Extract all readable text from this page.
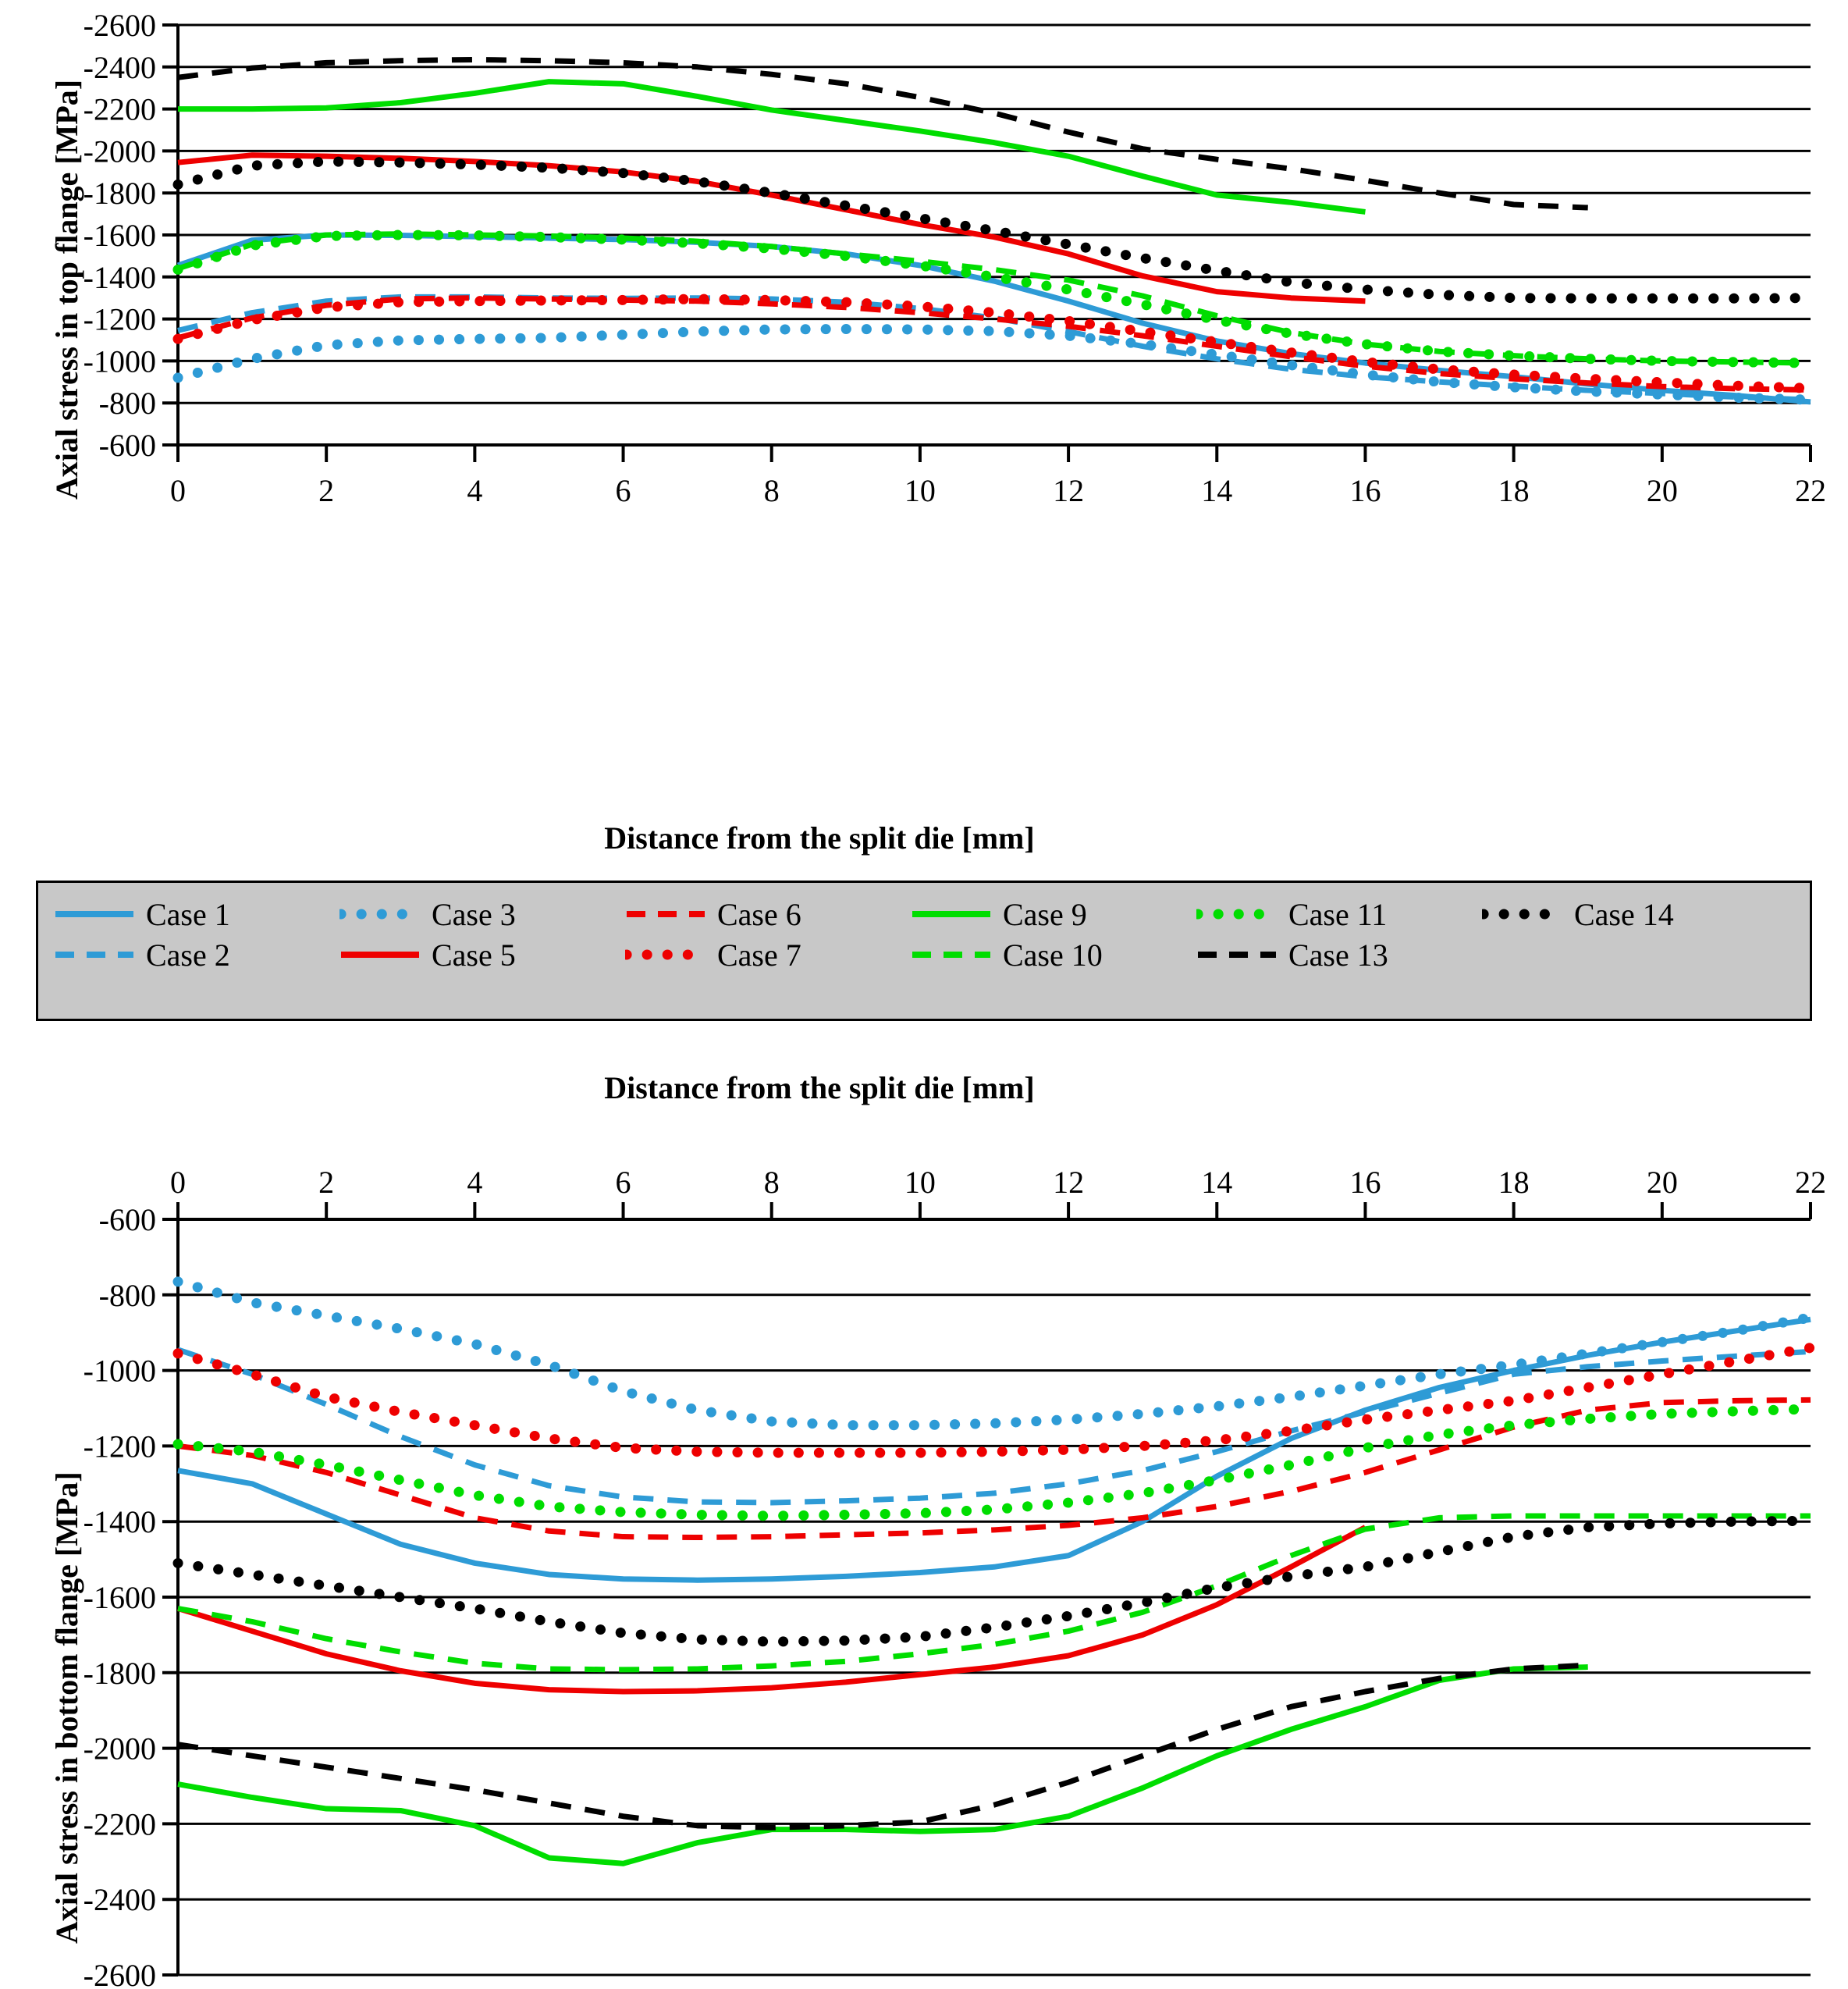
-2600
-2400
-2200
-2000
-1800
-1600
-1400
-1200
-1000
-800
-600
0	2	4	6	8	10	12	14	16	18	20	22
Axial stress in top flange [MPa]
Distance from the split die [mm]
Case 1	Case 3	Case 6	Case 9	Case 11	Case 14
Case 2	Case 5	Case 7	Case 10	Case 13
Distance from the split die [mm]
-600
-800
-1000
-1200
-1400
-1600
-1800
-2000
-2200
-2400
-2600
0	2	4	6	8	10	12	14	16	18	20	22
Axial stress in bottom flange [MPa]
